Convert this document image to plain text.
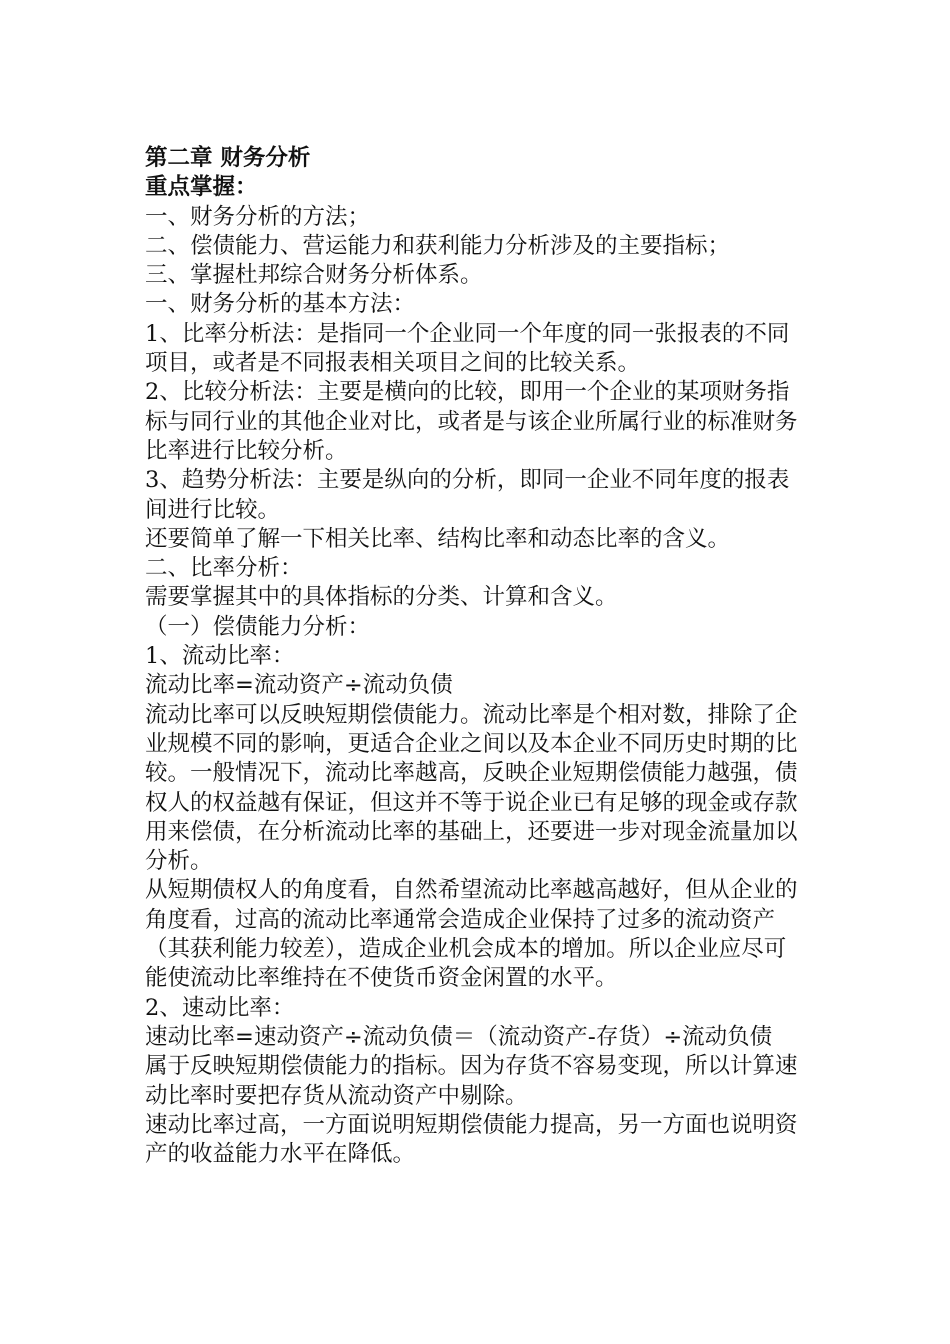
第二章 财务分析

重点掌握：

一、财务分析的方法；

二、偿债能力、营运能力和获利能力分析涉及的主要指标；

三、掌握杜邦综合财务分析体系。

一、财务分析的基本方法：

1、比率分析法：是指同一个企业同一个年度的同一张报表的不同项目，或者是不同报表相关项目之间的比较关系。

2、比较分析法：主要是横向的比较，即用一个企业的某项财务指标与同行业的其他企业对比，或者是与该企业所属行业的标准财务比率进行比较分析。

3、趋势分析法：主要是纵向的分析，即同一企业不同年度的报表间进行比较。

还要简单了解一下相关比率、结构比率和动态比率的含义。

二、比率分析：

需要掌握其中的具体指标的分类、计算和含义。

（一）偿债能力分析：

1、流动比率：

流动比率=流动资产÷流动负债

流动比率可以反映短期偿债能力。流动比率是个相对数，排除了企业规模不同的影响，更适合企业之间以及本企业不同历史时期的比较。一般情况下，流动比率越高，反映企业短期偿债能力越强，债权人的权益越有保证，但这并不等于说企业已有足够的现金或存款用来偿债，在分析流动比率的基础上，还要进一步对现金流量加以分析。

从短期债权人的角度看，自然希望流动比率越高越好，但从企业的角度看，过高的流动比率通常会造成企业保持了过多的流动资产（其获利能力较差），造成企业机会成本的增加。所以企业应尽可能使流动比率维持在不使货币资金闲置的水平。

2、速动比率：

速动比率=速动资产÷流动负债＝（流动资产-存货）÷流动负债

属于反映短期偿债能力的指标。因为存货不容易变现，所以计算速动比率时要把存货从流动资产中剔除。

速动比率过高，一方面说明短期偿债能力提高，另一方面也说明资产的收益能力水平在降低。
